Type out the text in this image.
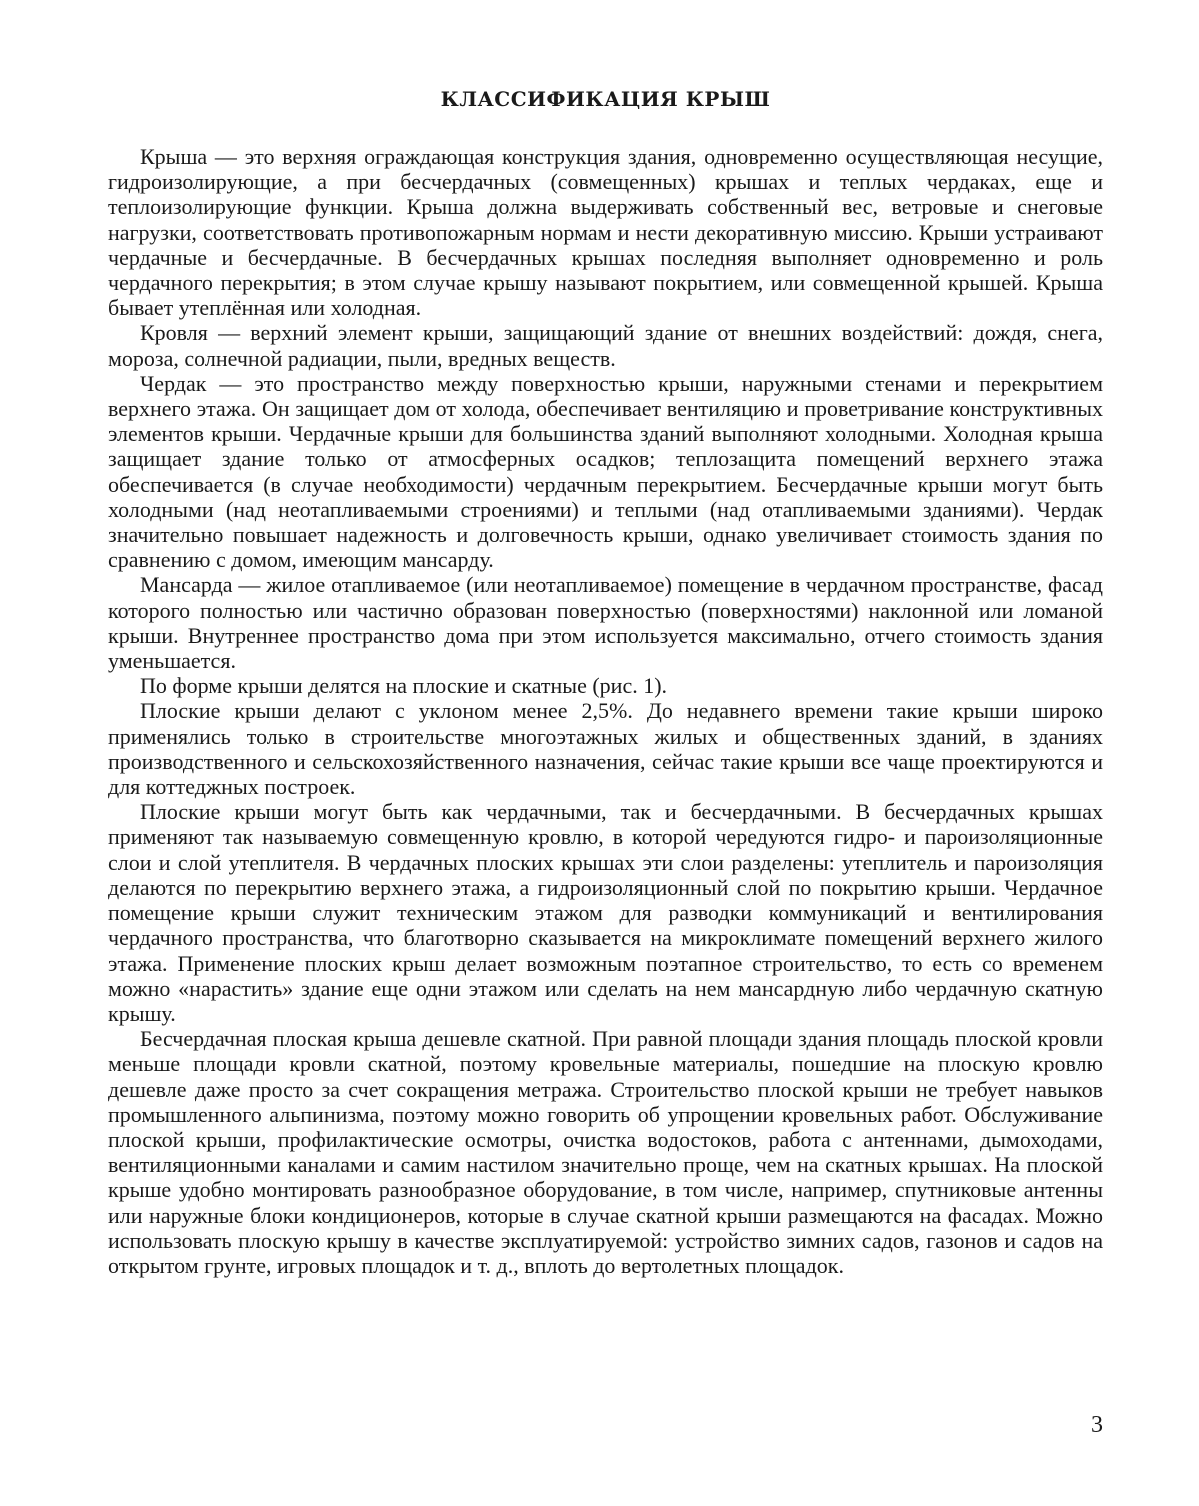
КЛАССИФИКАЦИЯ КРЫШ

Крыша — это верхняя ограждающая конструкция здания, одновременно осуществляющая несущие, гидроизолирующие, а при бесчердачных (совмещенных) крышах и теплых чердаках, еще и теплоизолирующие функции. Крыша должна выдерживать собственный вес, ветровые и снеговые нагрузки, соответствовать противопожарным нормам и нести декоративную миссию. Крыши устраивают чердачные и бесчердачные. В бесчердачных крышах последняя выполняет одновременно и роль чердачного перекрытия; в этом случае крышу называют покрытием, или совмещенной крышей. Крыша бывает утеплённая или холодная.

Кровля — верхний элемент крыши, защищающий здание от внешних воздействий: дождя, снега, мороза, солнечной радиации, пыли, вредных веществ.

Чердак — это пространство между поверхностью крыши, наружными стенами и перекрытием верхнего этажа. Он защищает дом от холода, обеспечивает вентиляцию и проветривание конструктивных элементов крыши. Чердачные крыши для большинства зданий выполняют холодными. Холодная крыша защищает здание только от атмосферных осадков; теплозащита помещений верхнего этажа обеспечивается (в случае необходимости) чердачным перекрытием. Бесчердачные крыши могут быть холодными (над неотапливаемыми строениями) и теплыми (над отапливаемыми зданиями). Чердак значительно повышает надежность и долговечность крыши, однако увеличивает стоимость здания по сравнению с домом, имеющим мансарду.

Мансарда — жилое отапливаемое (или неотапливаемое) помещение в чердачном пространстве, фасад которого полностью или частично образован поверхностью (поверхностями) наклонной или ломаной крыши. Внутреннее пространство дома при этом используется максимально, отчего стоимость здания уменьшается.

По форме крыши делятся на плоские и скатные (рис. 1).

Плоские крыши делают с уклоном менее 2,5%. До недавнего времени такие крыши широко применялись только в строительстве многоэтажных жилых и общественных зданий, в зданиях производственного и сельскохозяйственного назначения, сейчас такие крыши все чаще проектируются и для коттеджных построек.

Плоские крыши могут быть как чердачными, так и бесчердачными. В бесчердачных крышах применяют так называемую совмещенную кровлю, в которой чередуются гидро- и пароизоляционные слои и слой утеплителя. В чердачных плоских крышах эти слои разделены: утеплитель и пароизоляция делаются по перекрытию верхнего этажа, а гидроизоляционный слой по покрытию крыши. Чердачное помещение крыши служит техническим этажом для разводки коммуникаций и вентилирования чердачного пространства, что благотворно сказывается на микроклимате помещений верхнего жилого этажа. Применение плоских крыш делает возможным поэтапное строительство, то есть со временем можно «нарастить» здание еще одни этажом или сделать на нем мансардную либо чердачную скатную крышу.

Бесчердачная плоская крыша дешевле скатной. При равной площади здания площадь плоской кровли меньше площади кровли скатной, поэтому кровельные материалы, пошедшие на плоскую кровлю дешевле даже просто за счет сокращения метража. Строительство плоской крыши не требует навыков промышленного альпинизма, поэтому можно говорить об упрощении кровельных работ. Обслуживание плоской крыши, профилактические осмотры, очистка водостоков, работа с антеннами, дымоходами, вентиляционными каналами и самим настилом значительно проще, чем на скатных крышах. На плоской крыше удобно монтировать разнообразное оборудование, в том числе, например, спутниковые антенны или наружные блоки кондиционеров, которые в случае скатной крыши размещаются на фасадах. Можно использовать плоскую крышу в качестве эксплуатируемой: устройство зимних садов, газонов и садов на открытом грунте, игровых площадок и т. д., вплоть до вертолетных площадок.

3
